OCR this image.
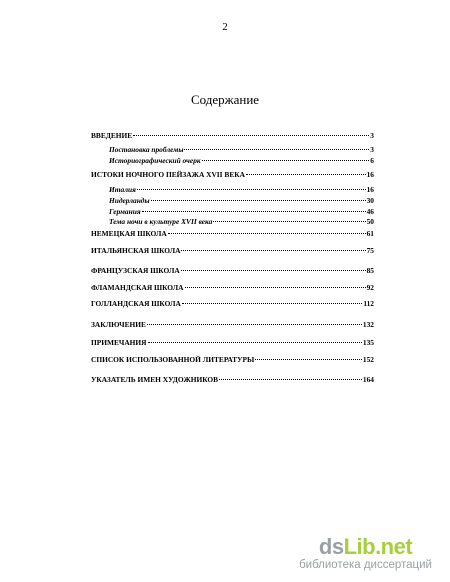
2
Содержание
ВВЕДЕНИЕ	3
Постановка проблемы	3
Историографический очерк	6
ИСТОКИ НОЧНОГО ПЕЙЗАЖА XVII ВЕКА	16
Италия	16
Нидерланды	30
Германия	46
Тема ночи в культуре XVII века	50
НЕМЕЦКАЯ ШКОЛА	61
ИТАЛЬЯНСКАЯ ШКОЛА	75
ФРАНЦУЗСКАЯ ШКОЛА	85
ФЛАМАНДСКАЯ ШКОЛА	92
ГОЛЛАНДСКАЯ ШКОЛА	112
ЗАКЛЮЧЕНИЕ	132
ПРИМЕЧАНИЯ	135
СПИСОК ИСПОЛЬЗОВАННОЙ ЛИТЕРАТУРЫ	152
УКАЗАТЕЛЬ ИМЕН ХУДОЖНИКОВ	164
dsLib.net
библиотека диссертаций
